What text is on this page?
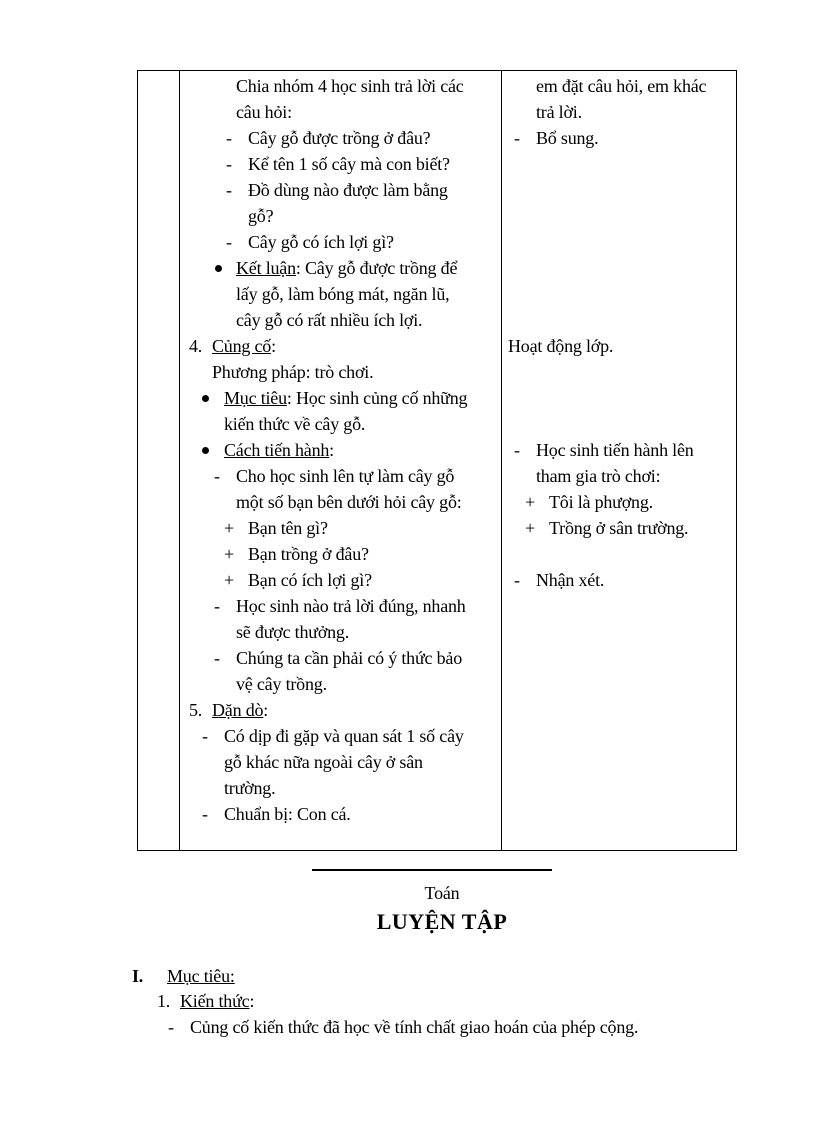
Chia nhóm 4 học sinh trả lời các
câu hỏi:
- Cây gỗ được trồng ở đâu?
- Kể tên 1 số cây mà con biết?
- Đồ dùng nào được làm bằng
gỗ?
- Cây gỗ có ích lợi gì?
Kết luận: Cây gỗ được trồng để
lấy gỗ, làm bóng mát, ngăn lũ,
cây gỗ có rất nhiều ích lợi.
4. Củng cố:
Phương pháp: trò chơi.
Mục tiêu: Học sinh củng cố những
kiến thức về cây gỗ.
Cách tiến hành:
- Cho học sinh lên tự làm cây gỗ
một số bạn bên dưới hỏi cây gỗ:
+ Bạn tên gì?
+ Bạn trồng ở đâu?
+ Bạn có ích lợi gì?
- Học sinh nào trả lời đúng, nhanh
sẽ được thưởng.
- Chúng ta cần phải có ý thức bảo
vệ cây trồng.
5. Dặn dò:
- Có dịp đi gặp và quan sát 1 số cây
gỗ khác nữa ngoài cây ở sân
trường.
- Chuẩn bị: Con cá.
em đặt câu hỏi, em khác
trả lời.
- Bổ sung.
Hoạt động lớp.
- Học sinh tiến hành lên
tham gia trò chơi:
+ Tôi là phượng.
+ Trồng ở sân trường.
- Nhận xét.
Toán
LUYỆN TẬP
I. Mục tiêu:
1. Kiến thức:
- Củng cố kiến thức đã học về tính chất giao hoán của phép cộng.
